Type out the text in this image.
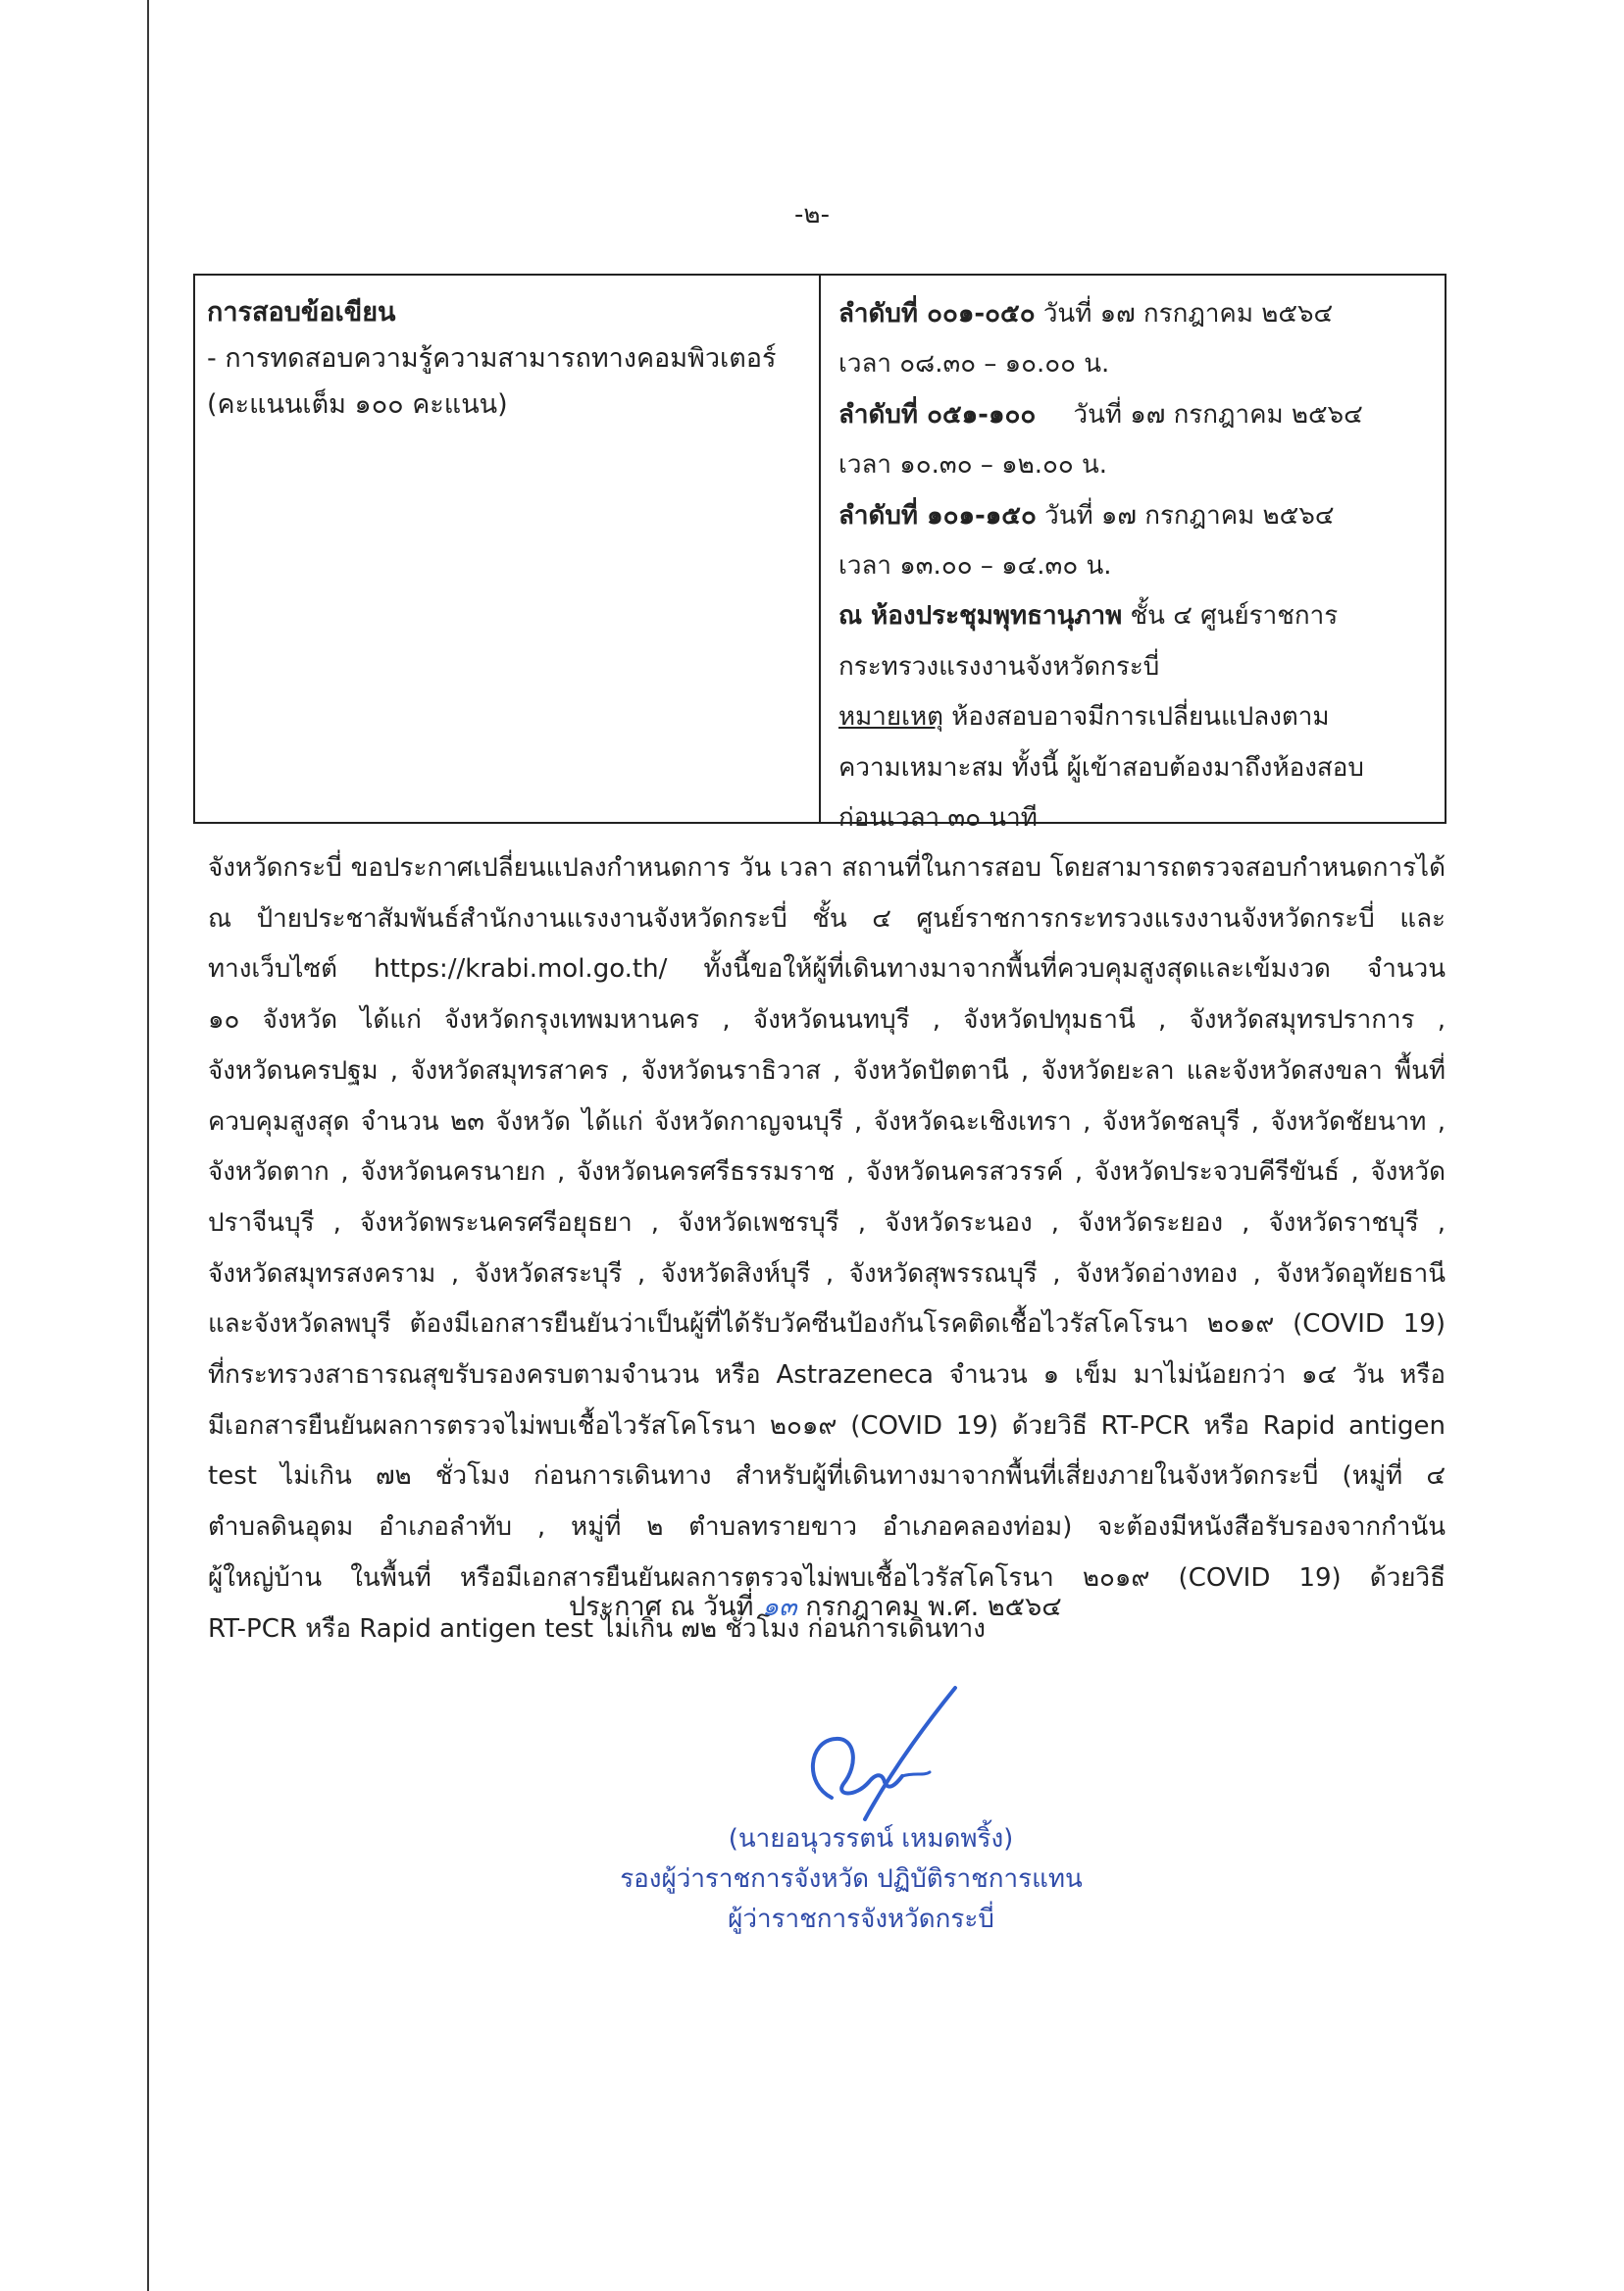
-๒-
การสอบข้อเขียน
- การทดสอบความรู้ความสามารถทางคอมพิวเตอร์
(คะแนนเต็ม ๑๐๐ คะแนน)
ลำดับที่ ๐๐๑-๐๕๐ วันที่ ๑๗ กรกฎาคม ๒๕๖๔
เวลา ๐๘.๓๐ – ๑๐.๐๐ น.
ลำดับที่ ๐๕๑-๑๐๐ วันที่ ๑๗ กรกฎาคม ๒๕๖๔
เวลา ๑๐.๓๐ – ๑๒.๐๐ น.
ลำดับที่ ๑๐๑-๑๕๐ วันที่ ๑๗ กรกฎาคม ๒๕๖๔
เวลา ๑๓.๐๐ – ๑๔.๓๐ น.
ณ ห้องประชุมพุทธานุภาพ ชั้น ๔ ศูนย์ราชการ
กระทรวงแรงงานจังหวัดกระบี่
หมายเหตุ ห้องสอบอาจมีการเปลี่ยนแปลงตาม
ความเหมาะสม ทั้งนี้ ผู้เข้าสอบต้องมาถึงห้องสอบ
ก่อนเวลา ๓๐ นาที
จังหวัดกระบี่ ขอประกาศเปลี่ยนแปลงกำหนดการ วัน เวลา สถานที่ในการสอบ โดยสามารถตรวจสอบกำหนดการได้
ณ ป้ายประชาสัมพันธ์สำนักงานแรงงานจังหวัดกระบี่ ชั้น ๔ ศูนย์ราชการกระทรวงแรงงานจังหวัดกระบี่ และ
ทางเว็บไซต์ https://krabi.mol.go.th/ ทั้งนี้ขอให้ผู้ที่เดินทางมาจากพื้นที่ควบคุมสูงสุดและเข้มงวด จำนวน
๑๐ จังหวัด ได้แก่ จังหวัดกรุงเทพมหานคร , จังหวัดนนทบุรี , จังหวัดปทุมธานี , จังหวัดสมุทรปราการ ,
จังหวัดนครปฐม , จังหวัดสมุทรสาคร , จังหวัดนราธิวาส , จังหวัดปัตตานี , จังหวัดยะลา และจังหวัดสงขลา พื้นที่
ควบคุมสูงสุด จำนวน ๒๓ จังหวัด ได้แก่ จังหวัดกาญจนบุรี , จังหวัดฉะเชิงเทรา , จังหวัดชลบุรี , จังหวัดชัยนาท ,
จังหวัดตาก , จังหวัดนครนายก , จังหวัดนครศรีธรรมราช , จังหวัดนครสวรรค์ , จังหวัดประจวบคีรีขันธ์ , จังหวัด
ปราจีนบุรี , จังหวัดพระนครศรีอยุธยา , จังหวัดเพชรบุรี , จังหวัดระนอง , จังหวัดระยอง , จังหวัดราชบุรี ,
จังหวัดสมุทรสงคราม , จังหวัดสระบุรี , จังหวัดสิงห์บุรี , จังหวัดสุพรรณบุรี , จังหวัดอ่างทอง , จังหวัดอุทัยธานี
และจังหวัดลพบุรี ต้องมีเอกสารยืนยันว่าเป็นผู้ที่ได้รับวัคซีนป้องกันโรคติดเชื้อไวรัสโคโรนา ๒๐๑๙ (COVID 19)
ที่กระทรวงสาธารณสุขรับรองครบตามจำนวน หรือ Astrazeneca จำนวน ๑ เข็ม มาไม่น้อยกว่า ๑๔ วัน หรือ
มีเอกสารยืนยันผลการตรวจไม่พบเชื้อไวรัสโคโรนา ๒๐๑๙ (COVID 19) ด้วยวิธี RT-PCR หรือ Rapid antigen
test ไม่เกิน ๗๒ ชั่วโมง ก่อนการเดินทาง สำหรับผู้ที่เดินทางมาจากพื้นที่เสี่ยงภายในจังหวัดกระบี่ (หมู่ที่ ๔
ตำบลดินอุดม อำเภอลำทับ , หมู่ที่ ๒ ตำบลทรายขาว อำเภอคลองท่อม) จะต้องมีหนังสือรับรองจากกำนัน
ผู้ใหญ่บ้าน ในพื้นที่ หรือมีเอกสารยืนยันผลการตรวจไม่พบเชื้อไวรัสโคโรนา ๒๐๑๙ (COVID 19) ด้วยวิธี
RT-PCR หรือ Rapid antigen test ไม่เกิน ๗๒ ชั่วโมง ก่อนการเดินทาง
ประกาศ ณ วันที่ ๑๓ กรกฎาคม พ.ศ. ๒๕๖๔
(นายอนุวรรตน์ เหมดพริ้ง)
รองผู้ว่าราชการจังหวัด ปฏิบัติราชการแทน
ผู้ว่าราชการจังหวัดกระบี่
